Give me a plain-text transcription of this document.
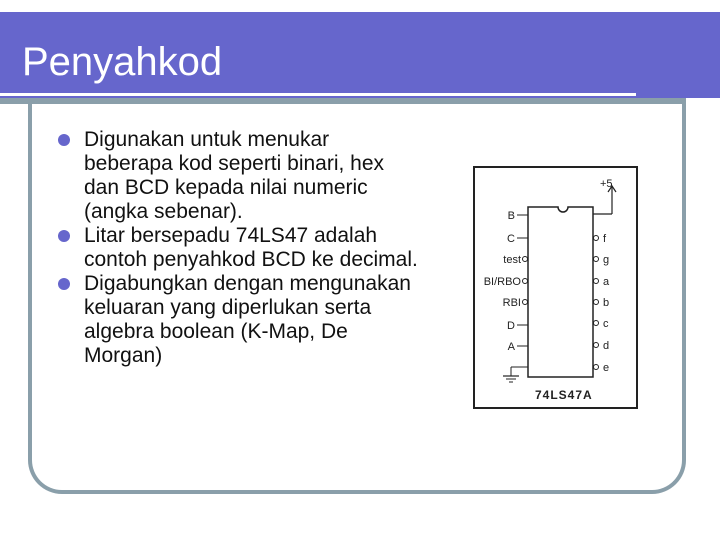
Penyahkod
Digunakan untuk menukar beberapa kod seperti binari, hex dan BCD kepada nilai numeric (angka sebenar).
Litar bersepadu 74LS47 adalah contoh penyahkod BCD ke decimal.
Digabungkan dengan mengunakan keluaran yang diperlukan serta algebra boolean (K-Map, De Morgan)
+5
B
C
test
BI/RBO
RBI
D
A
f
g
a
b
c
d
e
74LS47A
